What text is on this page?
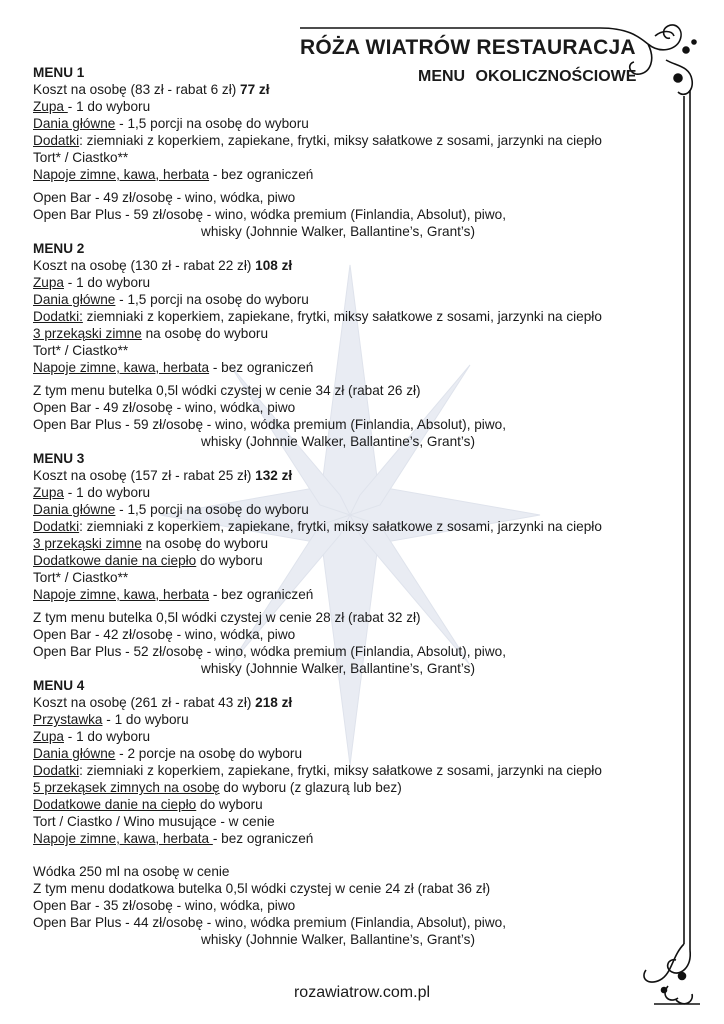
RÓŻA WIATRÓW RESTAURACJA
MENU OKOLICZNOŚCIOWE
MENU 1
Koszt na osobę (83 zł - rabat 6 zł) 77 zł
Zupa - 1 do wyboru
Dania główne - 1,5 porcji na osobę do wyboru
Dodatki: ziemniaki z koperkiem, zapiekane, frytki, miksy sałatkowe z sosami, jarzynki na ciepło
Tort* / Ciastko**
Napoje zimne, kawa, herbata - bez ograniczeń
Open Bar - 49 zł/osobę - wino, wódka, piwo
Open Bar Plus - 59 zł/osobę - wino, wódka premium (Finlandia, Absolut), piwo,
whisky (Johnnie Walker, Ballantine’s, Grant’s)
MENU 2
Koszt na osobę (130 zł - rabat 22 zł) 108 zł
Zupa - 1 do wyboru
Dania główne - 1,5 porcji na osobę do wyboru
Dodatki: ziemniaki z koperkiem, zapiekane, frytki, miksy sałatkowe z sosami, jarzynki na ciepło
3 przekąski zimne na osobę do wyboru
Tort* / Ciastko**
Napoje zimne, kawa, herbata - bez ograniczeń
Z tym menu butelka 0,5l wódki czystej w cenie 34 zł (rabat 26 zł)
Open Bar - 49 zł/osobę - wino, wódka, piwo
Open Bar Plus - 59 zł/osobę - wino, wódka premium (Finlandia, Absolut), piwo,
whisky (Johnnie Walker, Ballantine’s, Grant’s)
MENU 3
Koszt na osobę (157 zł - rabat 25 zł) 132 zł
Zupa - 1 do wyboru
Dania główne - 1,5 porcji na osobę do wyboru
Dodatki: ziemniaki z koperkiem, zapiekane, frytki, miksy sałatkowe z sosami, jarzynki na ciepło
3 przekąski zimne na osobę do wyboru
Dodatkowe danie na ciepło do wyboru
Tort* / Ciastko**
Napoje zimne, kawa, herbata - bez ograniczeń
Z tym menu butelka 0,5l wódki czystej w cenie 28 zł (rabat 32 zł)
Open Bar - 42 zł/osobę - wino, wódka, piwo
Open Bar Plus - 52 zł/osobę - wino, wódka premium (Finlandia, Absolut), piwo,
whisky (Johnnie Walker, Ballantine’s, Grant’s)
MENU 4
Koszt na osobę (261 zł - rabat 43 zł) 218 zł
Przystawka - 1 do wyboru
Zupa - 1 do wyboru
Dania główne - 2 porcje na osobę do wyboru
Dodatki: ziemniaki z koperkiem, zapiekane, frytki, miksy sałatkowe z sosami, jarzynki na ciepło
5 przekąsek zimnych na osobę do wyboru (z glazurą lub bez)
Dodatkowe danie na ciepło do wyboru
Tort / Ciastko / Wino musujące - w cenie
Napoje zimne, kawa, herbata - bez ograniczeń
Wódka 250 ml na osobę w cenie
Z tym menu dodatkowa butelka 0,5l wódki czystej w cenie 24 zł (rabat 36 zł)
Open Bar - 35 zł/osobę - wino, wódka, piwo
Open Bar Plus - 44 zł/osobę - wino, wódka premium (Finlandia, Absolut), piwo,
whisky (Johnnie Walker, Ballantine’s, Grant’s)
rozawiatrow.com.pl
